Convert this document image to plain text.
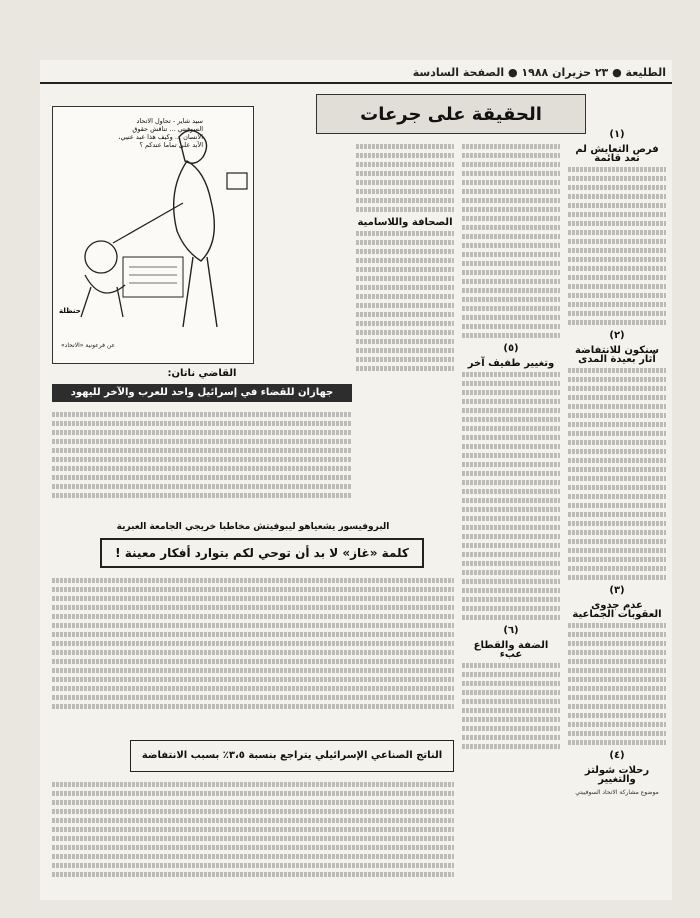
الطليعة ● ٢٣ حزيران ١٩٨٨ ● الصفحة السادسة
الحقيقة على جرعات
(١)
فرص التعايش لم تعد قائمة
(٢)
سنكون للانتفاضة آثار بعيدة المدى
(٣)
عدم جدوى العقوبات الجماعية
(٤)
رحلات شولتز والتغيير
موضوع مشاركة الاتحاد السوفييتي
(٥)
وتغيير طفيف آخر
(٦)
الضفة والقطاع عبء
الصحافة واللاسامية
سيد شاير - تحاول الاتحاد السوفيتي ... تناقش حقوق الانسان ... وكيف هذا عبد عنيي، الآبد على تماما عندكم ؟
حنظلة
عن فرعونية «الاتحاد»
القاضي ناتان:
جهازان للقضاء في إسرائيل واحد للعرب والآخر لليهود
البروفيسور يشعياهو ليبوفيتش مخاطبا خريجي الجامعة العبرية
كلمة «غاز» لا بد أن توحي لكم بتوارد أفكار معينة !
الناتج الصناعي الإسرائيلي يتراجع بنسبة ٣،٥٪ بسبب الانتفاضة
